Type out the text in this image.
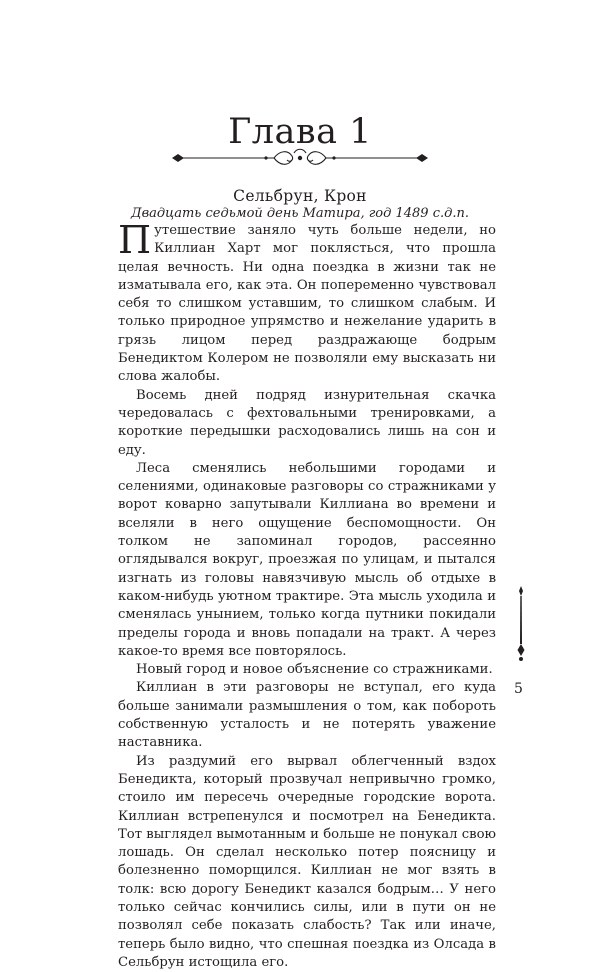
Глава 1
Сельбрун, Крон
Двадцать седьмой день Матира, год 1489 с.д.п.

Путешествие заняло чуть больше недели, но Киллиан Харт мог поклясться, что прошла целая вечность. Ни одна поездка в жизни так не изматывала его, как эта. Он попеременно чувствовал себя то слишком уставшим, то слишком слабым. И только природное упрямство и нежелание ударить в грязь лицом перед раздражающе бодрым Бенедиктом Колером не позволяли ему высказать ни слова жалобы.

Восемь дней подряд изнурительная скачка чередовалась с фехтовальными тренировками, а короткие передышки расходовались лишь на сон и еду.

Леса сменялись небольшими городами и селениями, одинаковые разговоры со стражниками у ворот коварно запутывали Киллиана во времени и вселяли в него ощущение беспомощности. Он толком не запоминал городов, рассеянно оглядывался вокруг, проезжая по улицам, и пытался изгнать из головы навязчивую мысль об отдыхе в каком-нибудь уютном трактире. Эта мысль уходила и сменялась унынием, только когда путники покидали пределы города и вновь попадали на тракт. А через какое-то время все повторялось.

Новый город и новое объяснение со стражниками.

Киллиан в эти разговоры не вступал, его куда больше занимали размышления о том, как побороть собственную усталость и не потерять уважение наставника.

Из раздумий его вырвал облегченный вздох Бенедикта, который прозвучал непривычно громко, стоило им пересечь очередные городские ворота. Киллиан встрепенулся и посмотрел на Бенедикта. Тот выглядел вымотанным и больше не понукал свою лошадь. Он сделал несколько потер поясницу и болезненно поморщился. Киллиан не мог взять в толк: всю дорогу Бенедикт казался бодрым… У него только сейчас кончились силы, или в пути он не позволял себе показать слабость? Так или иначе, теперь было видно, что спешная поездка из Олсада в Сельбрун истощила его.

5
